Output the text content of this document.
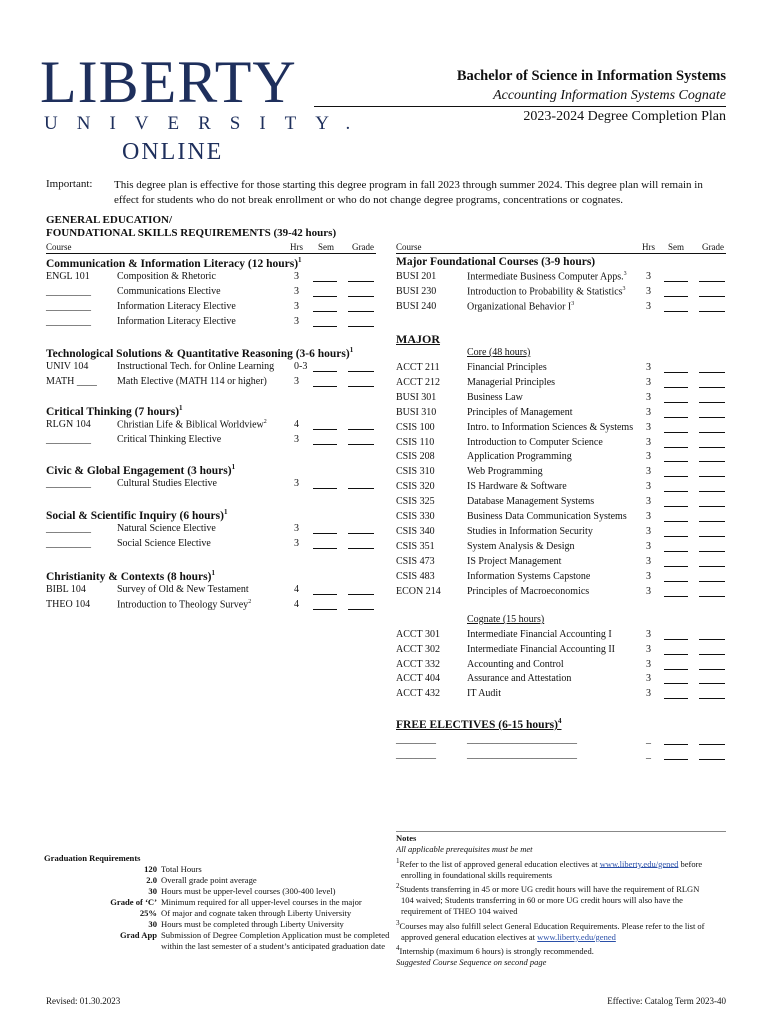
LIBERTY
UNIVERSITY.
ONLINE
Bachelor of Science in Information Systems
Accounting Information Systems Cognate
2023-2024 Degree Completion Plan
Important: This degree plan is effective for those starting this degree program in fall 2023 through summer 2024. This degree plan will remain in effect for students who do not break enrollment or who do not change degree programs, concentrations or cognates.
GENERAL EDUCATION/
FOUNDATIONAL SKILLS REQUIREMENTS (39-42 hours)
Course	Hrs Sem Grade
Communication & Information Literacy (12 hours)$^1$
ENGL 101	Composition & Rhetoric	3
_________	Communications Elective	3
_________	Information Literacy Elective	3
_________	Information Literacy Elective	3
Technological Solutions & Quantitative Reasoning (3-6 hours)$^1$
UNIV 104	Instructional Tech. for Online Learning 0-3
MATH ____ Math Elective (MATH 114 or higher)	3
Critical Thinking (7 hours)$^1$
RLGN 104	Christian Life & Biblical Worldview$^2$	4
_________	Critical Thinking Elective	3
Civic & Global Engagement (3 hours)$^1$
_________	Cultural Studies Elective	3
Social & Scientific Inquiry (6 hours)$^1$
_________	Natural Science Elective	3
_________	Social Science Elective	3
Christianity & Contexts (8 hours)$^1$
BIBL 104	Survey of Old & New Testament	4
THEO 104	Introduction to Theology Survey$^2$	4
Course	Hrs Sem Grade
Major Foundational Courses (3-9 hours)
BUSI 201	Intermediate Business Computer Apps.$^3$ 3
BUSI 230	Introduction to Probability & Statistics$^3$ 3
BUSI 240	Organizational Behavior $I^3$	3
MAJOR
Core (48 hours)
ACCT 211	Financial Principles	3
ACCT 212	Managerial Principles	3
BUSI 301	Business Law	3
BUSI 310	Principles of Management	3
CSIS 100	Intro. to Information Sciences & Systems 3
CSIS 110	Introduction to Computer Science	3
CSIS 208	Application Programming	3
CSIS 310	Web Programming	3
CSIS 320	IS Hardware & Software	3
CSIS 325	Database Management Systems	3
CSIS 330	Business Data Communication Systems 3
CSIS 340	Studies in Information Security	3
CSIS 351	System Analysis & Design	3
CSIS 473	IS Project Management	3
CSIS 483	Information Systems Capstone	3
ECON 214	Principles of Macroeconomics	3
Cognate (15 hours)
ACCT 301	Intermediate Financial Accounting I	3
ACCT 302	Intermediate Financial Accounting II	3
ACCT 332	Accounting and Control	3
ACCT 404	Assurance and Attestation	3
ACCT 432	IT Audit	3
FREE ELECTIVES (6-15 hours)$^4$
________	______________________	_
________	______________________	_
Graduation Requirements
120 Total Hours
2.0 Overall grade point average
30 Hours must be upper-level courses (300-400 level)
Grade of ‘C’ Minimum required for all upper-level courses in the major
25% Of major and cognate taken through Liberty University
30 Hours must be completed through Liberty University
Grad App Submission of Degree Completion Application must be completed
within the last semester of a student’s anticipated graduation date
Notes
All applicable prerequisites must be met
$^1$Refer to the list of approved general education electives at www.liberty.edu/gened before
enrolling in foundational skills requirements
$^2$Students transferring in 45 or more UG credit hours will have the requirement of RLGN
104 waived; Students transferring in 60 or more UG credit hours will also have the
requirement of THEO 104 waived
$^3$Courses may also fulfill select General Education Requirements. Please refer to the list of
approved general education electives at www.liberty.edu/gened
$^4$Internship (maximum 6 hours) is strongly recommended.
Suggested Course Sequence on second page
Revised: 01.30.2023	Effective: Catalog Term 2023-40
